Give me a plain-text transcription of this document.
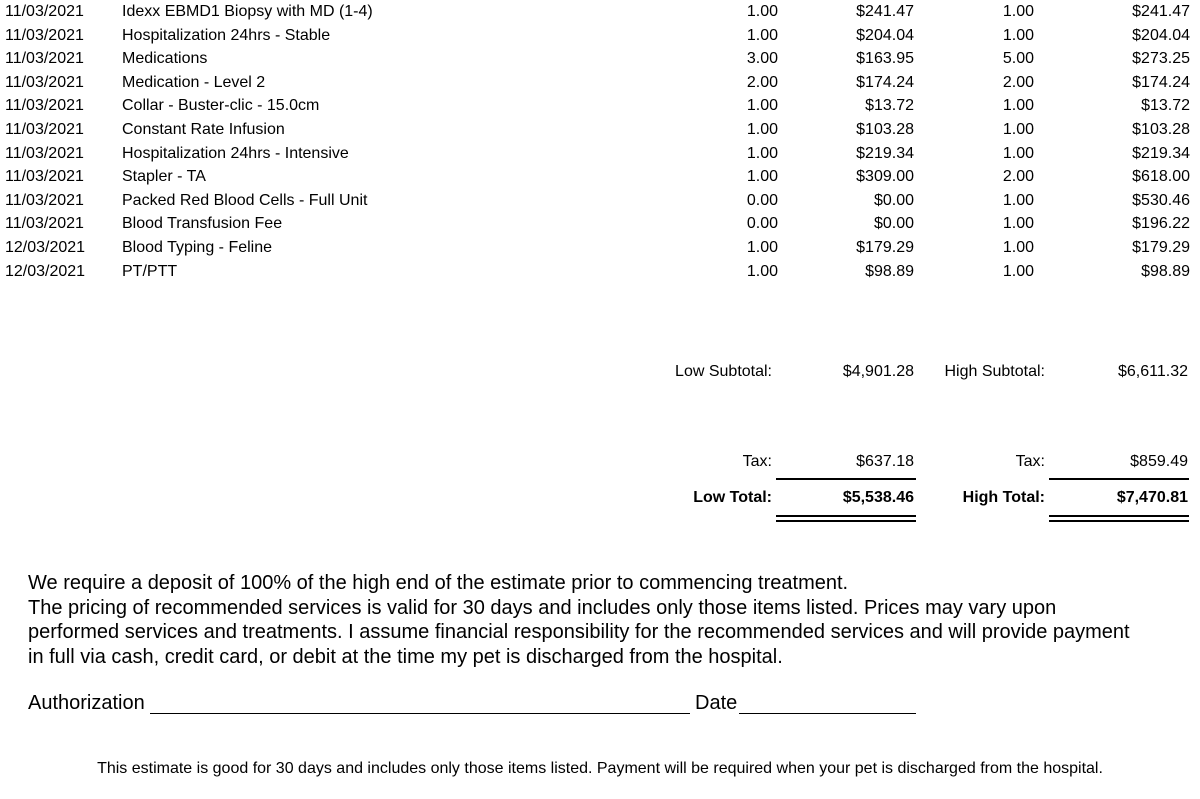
11/03/2021 Idexx EBMD1 Biopsy with MD (1-4)	1.00	$241.47	1.00	$241.47
11/03/2021 Hospitalization 24hrs - Stable	1.00	$204.04	1.00	$204.04
11/03/2021 Medications	3.00	$163.95	5.00	$273.25
11/03/2021 Medication - Level 2	2.00	$174.24	2.00	$174.24
11/03/2021 Collar - Buster-clic - 15.0cm	1.00	$13.72	1.00	$13.72
11/03/2021 Constant Rate Infusion	1.00	$103.28	1.00	$103.28
11/03/2021 Hospitalization 24hrs - Intensive	1.00	$219.34	1.00	$219.34
11/03/2021 Stapler - TA	1.00	$309.00	2.00	$618.00
11/03/2021 Packed Red Blood Cells - Full Unit	0.00	$0.00	1.00	$530.46
11/03/2021 Blood Transfusion Fee	0.00	$0.00	1.00	$196.22
12/03/2021 Blood Typing - Feline	1.00	$179.29	1.00	$179.29
12/03/2021 PT/PTT	1.00	$98.89	1.00	$98.89
Low Subtotal:	$4,901.28 High Subtotal:	$6,611.32
Tax:	$637.18	Tax:	$859.49
Low Total:	$5,538.46	High Total:	$7,470.81

We require a deposit of 100% of the high end of the estimate prior to commencing treatment.

The pricing of recommended services is valid for 30 days and includes only those items listed. Prices may vary upon performed services and treatments. I assume financial responsibility for the recommended services and will provide payment in full via cash, credit card, or debit at the time my pet is discharged from the hospital.

Authorization	Date
This estimate is good for 30 days and includes only those items listed. Payment will be required when your pet is discharged from the hospital.
